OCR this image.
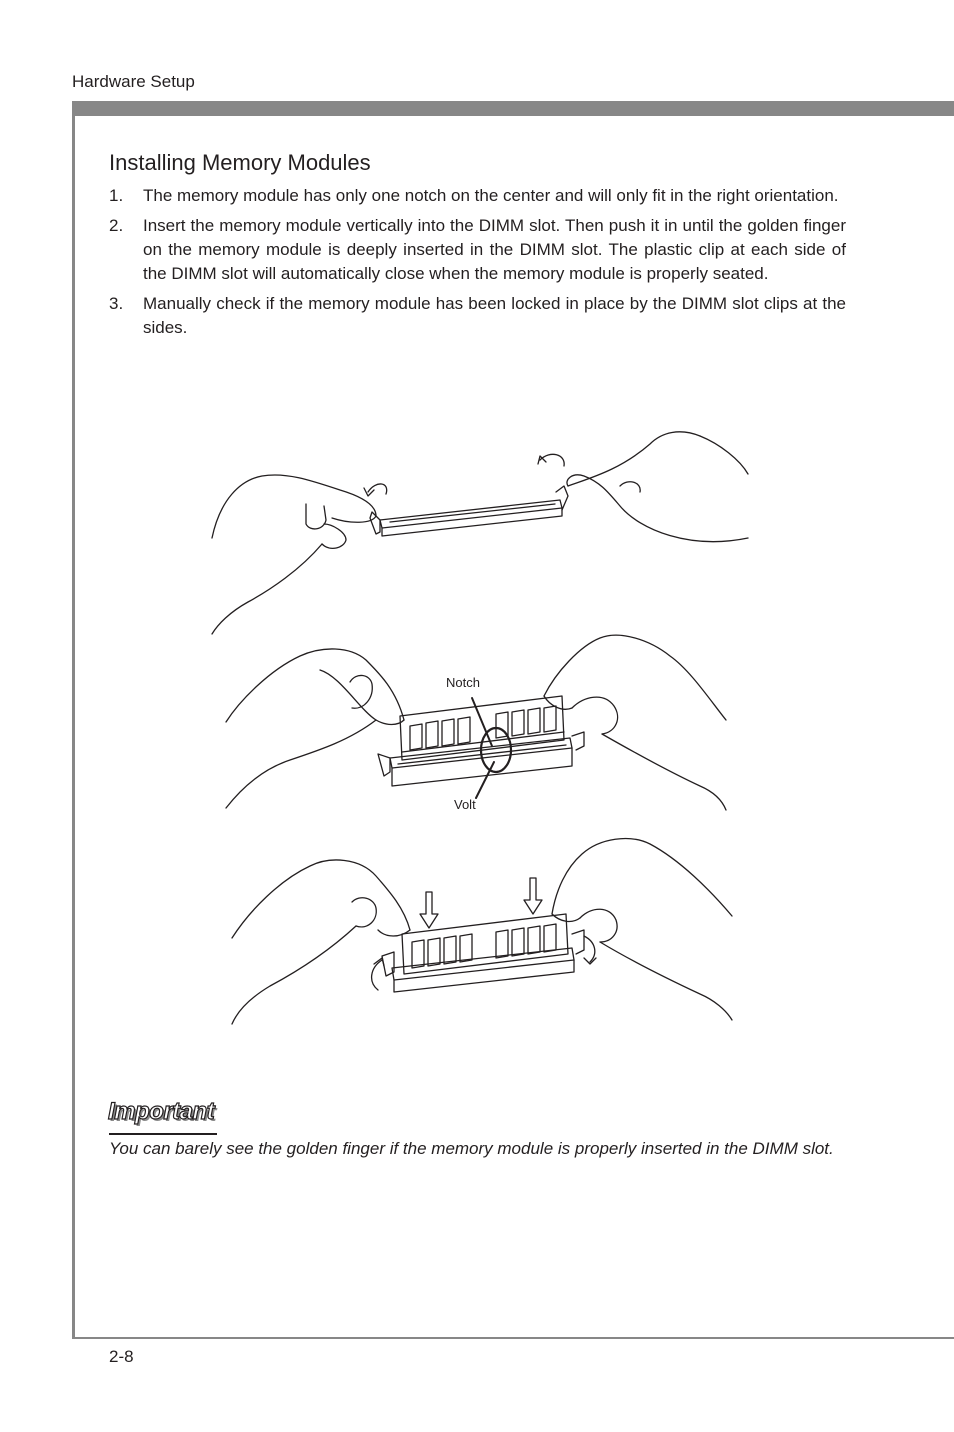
Hardware Setup
Installing Memory Modules
1.	The memory module has only one notch on the center and will only fit in the right orientation.
2.	Insert the memory module vertically into the DIMM slot. Then push it in until the golden finger on the memory module is deeply inserted in the DIMM slot. The plastic clip at each side of the DIMM slot will automatically close when the memory module is properly seated.
3.	Manually check if the memory module has been locked in place by the DIMM slot clips at the sides.
Notch
Volt
Important
You can barely see the golden finger if the memory module is properly inserted in the DIMM slot.
2-8
